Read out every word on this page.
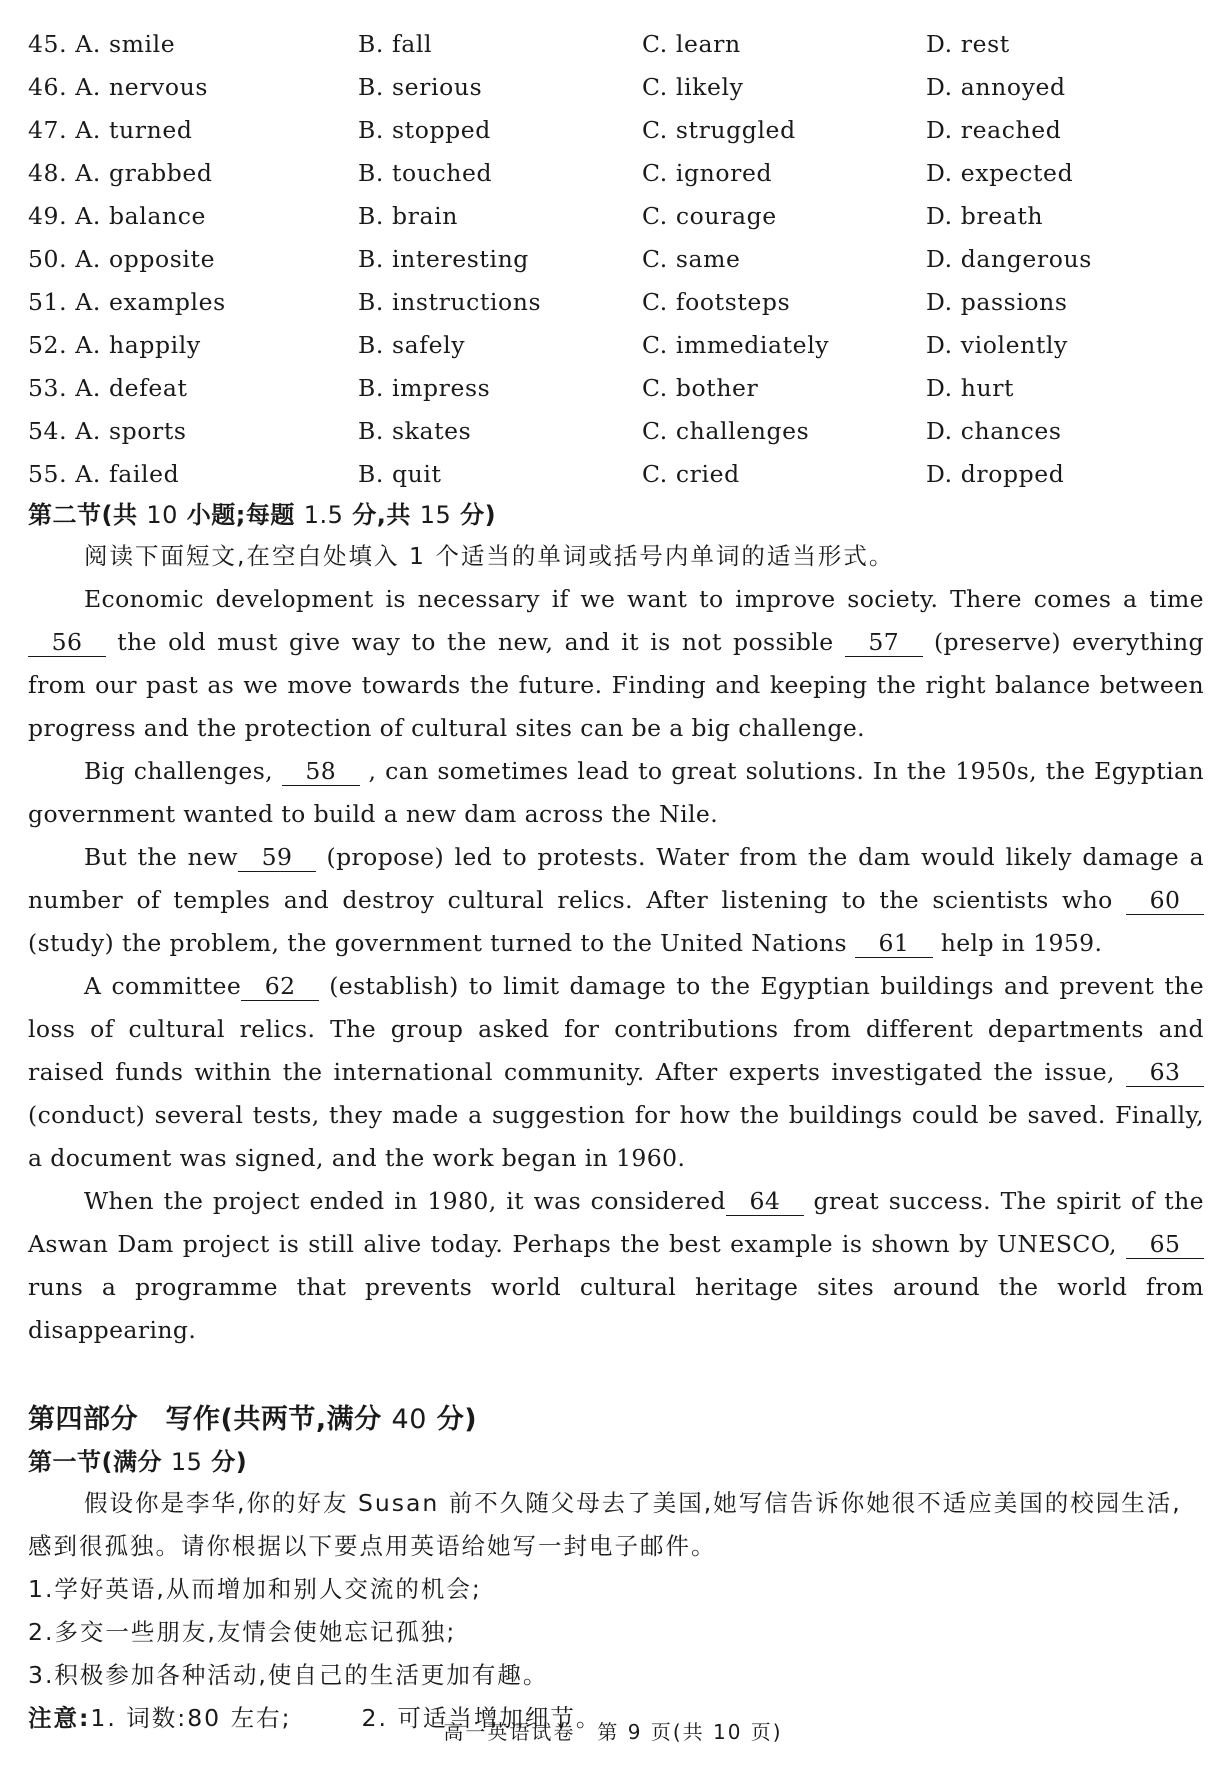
45. A. smile	B. fall	C. learn	D. rest
46. A. nervous	B. serious	C. likely	D. annoyed
47. A. turned	B. stopped	C. struggled	D. reached
48. A. grabbed	B. touched	C. ignored	D. expected
49. A. balance	B. brain	C. courage	D. breath
50. A. opposite	B. interesting	C. same	D. dangerous
51. A. examples	B. instructions	C. footsteps	D. passions
52. A. happily	B. safely	C. immediately	D. violently
53. A. defeat	B. impress	C. bother	D. hurt
54. A. sports	B. skates	C. challenges	D. chances
55. A. failed	B. quit	C. cried	D. dropped
第二节(共 10 小题;每题 1.5 分,共 15 分)
阅读下面短文,在空白处填入 1 个适当的单词或括号内单词的适当形式。

Economic development is necessary if we want to improve society. There comes a time56 the old must give way to the new, and it is not possible 57 (preserve) everything from our past as we move towards the future. Finding and keeping the right balance between progress and the protection of cultural sites can be a big challenge.

Big challenges, 58 , can sometimes lead to great solutions. In the 1950s, the Egyptian government wanted to build a new dam across the Nile.

But the new 59 (propose) led to protests. Water from the dam would likely damage a number of temples and destroy cultural relics. After listening to the scientists who 60 (study) the problem, the government turned to the United Nations 61 help in 1959.

A committee 62 (establish) to limit damage to the Egyptian buildings and prevent the loss of cultural relics. The group asked for contributions from different departments and raised funds within the international community. After experts investigated the issue, 63 (conduct) several tests, they made a suggestion for how the buildings could be saved. Finally, a document was signed, and the work began in 1960.

When the project ended in 1980, it was considered 64 great success. The spirit of the Aswan Dam project is still alive today. Perhaps the best example is shown by UNESCO, 65 runs a programme that prevents world cultural heritage sites around the world from disappearing.

第四部分　写作(共两节,满分 40 分)
第一节(满分 15 分)
假设你是李华,你的好友 Susan 前不久随父母去了美国,她写信告诉你她很不适应美国的校园生活,感到很孤独。请你根据以下要点用英语给她写一封电子邮件。
1.学好英语,从而增加和别人交流的机会;
2.多交一些朋友,友情会使她忘记孤独;
3.积极参加各种活动,使自己的生活更加有趣。
注意:1. 词数:80 左右;	2. 可适当增加细节。
高一英语试卷　第 9 页(共 10 页)
